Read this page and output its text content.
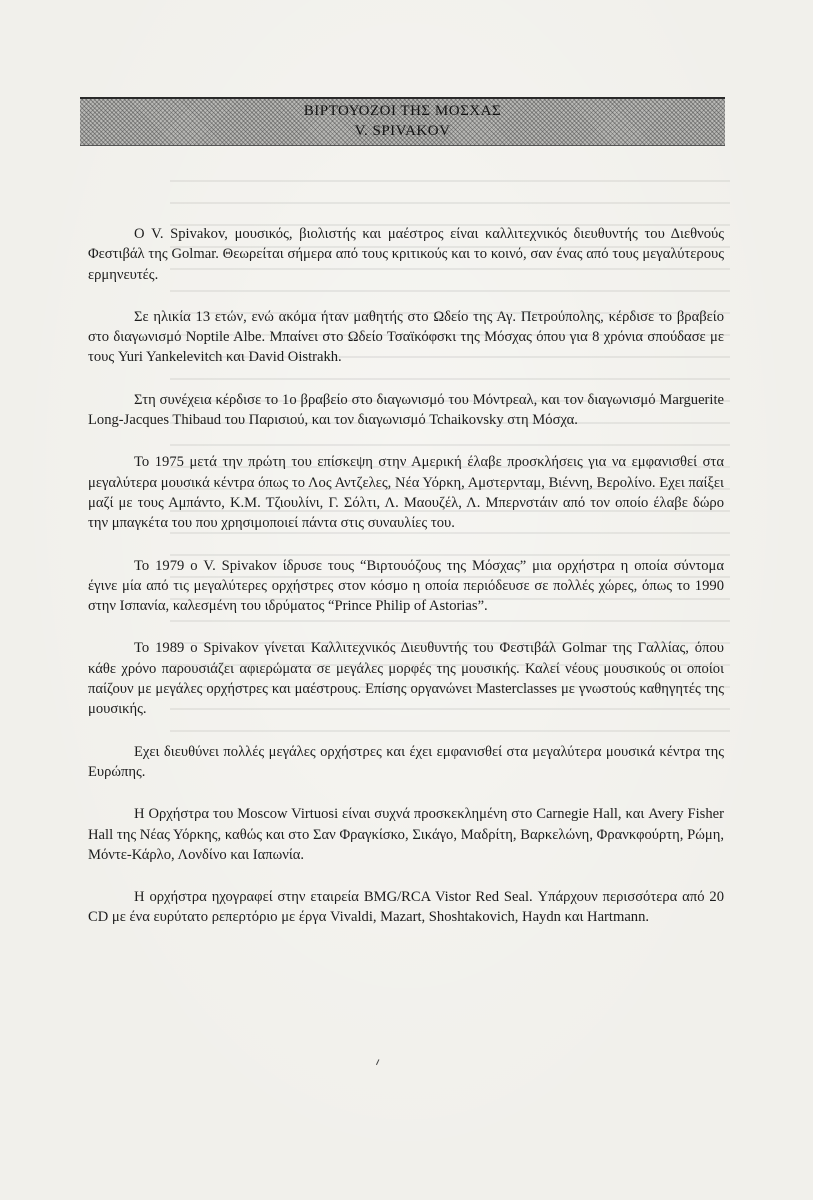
ΒΙΡΤΟΥΟΖΟΙ ΤΗΣ ΜΟΣΧΑΣ
V. SPIVAKOV

Ο V. Spivakov, μουσικός, βιολιστής και μαέστρος είναι καλλιτεχνικός διευθυντής του Διεθνούς Φεστιβάλ της Golmar. Θεωρείται σήμερα από τους κριτικούς και το κοινό, σαν ένας από τους μεγαλύτερους ερμηνευτές.

Σε ηλικία 13 ετών, ενώ ακόμα ήταν μαθητής στο Ωδείο της Αγ. Πετρούπολης, κέρδισε το βραβείο στο διαγωνισμό Noptile Albe. Μπαίνει στο Ωδείο Τσαϊκόφσκι της Μόσχας όπου για 8 χρόνια σπούδασε με τους Yuri Yankelevitch και David Oistrakh.

Στη συνέχεια κέρδισε το 1ο βραβείο στο διαγωνισμό του Μόντρεαλ, και τον διαγωνισμό Marguerite Long-Jacques Thibaud του Παρισιού, και τον διαγωνισμό Tchaikovsky στη Μόσχα.

Το 1975 μετά την πρώτη του επίσκεψη στην Αμερική έλαβε προσκλήσεις για να εμφανισθεί στα μεγαλύτερα μουσικά κέντρα όπως το Λος Αντζελες, Νέα Υόρκη, Αμστερνταμ, Βιέννη, Βερολίνο. Εχει παίξει μαζί με τους Αμπάντο, Κ.Μ. Τζιουλίνι, Γ. Σόλτι, Λ. Μαουζέλ, Λ. Μπερνστάιν από τον οποίο έλαβε δώρο την μπαγκέτα του που χρησιμοποιεί πάντα στις συναυλίες του.

Το 1979 ο V. Spivakov ίδρυσε τους “Βιρτουόζους της Μόσχας” μια ορχήστρα η οποία σύντομα έγινε μία από τις μεγαλύτερες ορχήστρες στον κόσμο η οποία περιόδευσε σε πολλές χώρες, όπως το 1990 στην Ισπανία, καλεσμένη του ιδρύματος “Prince Philip of Astorias”.

Το 1989 ο Spivakov γίνεται Καλλιτεχνικός Διευθυντής του Φεστιβάλ Golmar της Γαλλίας, όπου κάθε χρόνο παρουσιάζει αφιερώματα σε μεγάλες μορφές της μουσικής. Καλεί νέους μουσικούς οι οποίοι παίζουν με μεγάλες ορχήστρες και μαέστρους. Επίσης οργανώνει Masterclasses με γνωστούς καθηγητές της μουσικής.

Εχει διευθύνει πολλές μεγάλες ορχήστρες και έχει εμφανισθεί στα μεγαλύτερα μουσικά κέντρα της Ευρώπης.

Η Ορχήστρα του Moscow Virtuosi είναι συχνά προσκεκλημένη στο Carnegie Hall, και Avery Fisher Hall της Νέας Υόρκης, καθώς και στο Σαν Φραγκίσκο, Σικάγο, Μαδρίτη, Βαρκελώνη, Φρανκφούρτη, Ρώμη, Μόντε-Κάρλο, Λονδίνο και Ιαπωνία.

Η ορχήστρα ηχογραφεί στην εταιρεία BMG/RCA Vistor Red Seal. Υπάρχουν περισσότερα από 20 CD με ένα ευρύτατο ρεπερτόριο με έργα Vivaldi, Mazart, Shoshtakovich, Haydn και Hartmann.
